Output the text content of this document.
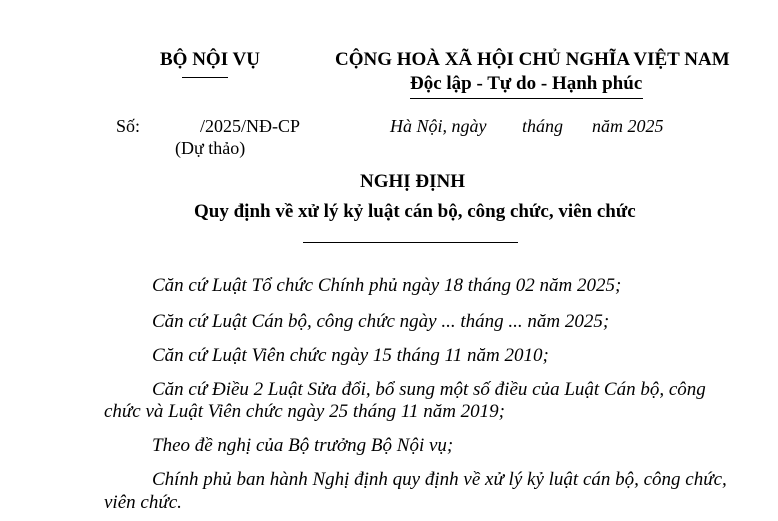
BỘ NỘI VỤ	CỘNG HOÀ XÃ HỘI CHỦ NGHĨA VIỆT NAM
Độc lập - Tự do - Hạnh phúc
Số:	/2025/NĐ-CP
(Dự thảo)
Hà Nội, ngày tháng năm 2025
NGHỊ ĐỊNH
Quy định về xử lý kỷ luật cán bộ, công chức, viên chức
Căn cứ Luật Tổ chức Chính phủ ngày 18 tháng 02 năm 2025;
Căn cứ Luật Cán bộ, công chức ngày ... tháng ... năm 2025;
Căn cứ Luật Viên chức ngày 15 tháng 11 năm 2010;
Căn cứ Điều 2 Luật Sửa đổi, bổ sung một số điều của Luật Cán bộ, công
chức và Luật Viên chức ngày 25 tháng 11 năm 2019;
Theo đề nghị của Bộ trưởng Bộ Nội vụ;
Chính phủ ban hành Nghị định quy định về xử lý kỷ luật cán bộ, công chức,
viên chức.
